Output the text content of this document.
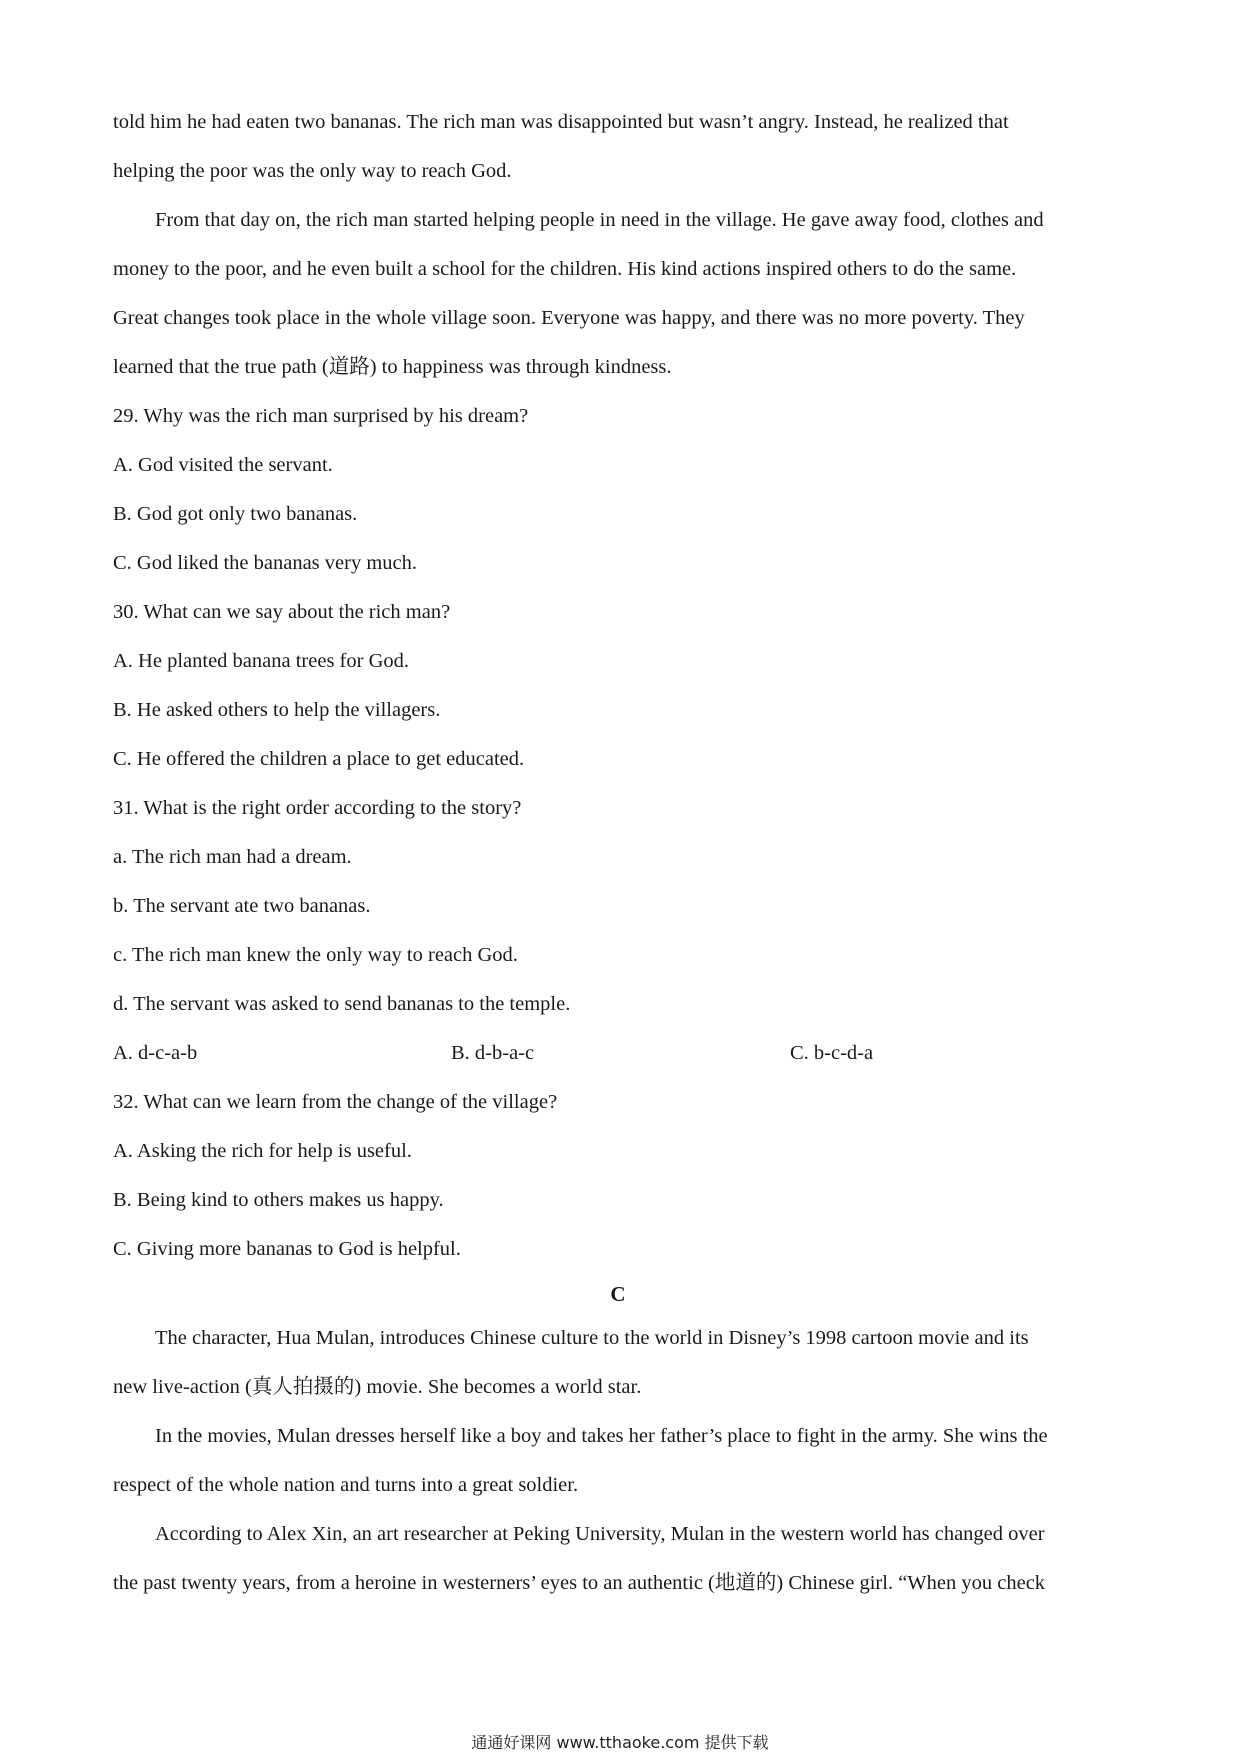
told him he had eaten two bananas. The rich man was disappointed but wasn’t angry. Instead, he realized that

helping the poor was the only way to reach God.

From that day on, the rich man started helping people in need in the village. He gave away food, clothes and

money to the poor, and he even built a school for the children. His kind actions inspired others to do the same.

Great changes took place in the whole village soon. Everyone was happy, and there was no more poverty. They

learned that the true path (道路) to happiness was through kindness.

29. Why was the rich man surprised by his dream?

A. God visited the servant.

B. God got only two bananas.

C. God liked the bananas very much.

30. What can we say about the rich man?

A. He planted banana trees for God.

B. He asked others to help the villagers.

C. He offered the children a place to get educated.

31. What is the right order according to the story?

a. The rich man had a dream.

b. The servant ate two bananas.

c. The rich man knew the only way to reach God.

d. The servant was asked to send bananas to the temple.

A. d-c-a-b	B. d-b-a-c	C. b-c-d-a

32. What can we learn from the change of the village?

A. Asking the rich for help is useful.

B. Being kind to others makes us happy.

C. Giving more bananas to God is helpful.

C

The character, Hua Mulan, introduces Chinese culture to the world in Disney’s 1998 cartoon movie and its

new live-action (真人拍摄的) movie. She becomes a world star.

In the movies, Mulan dresses herself like a boy and takes her father’s place to fight in the army. She wins the

respect of the whole nation and turns into a great soldier.

According to Alex Xin, an art researcher at Peking University, Mulan in the western world has changed over

the past twenty years, from a heroine in westerners’ eyes to an authentic (地道的) Chinese girl. “When you check

通通好课网 www.tthaoke.com 提供下载
